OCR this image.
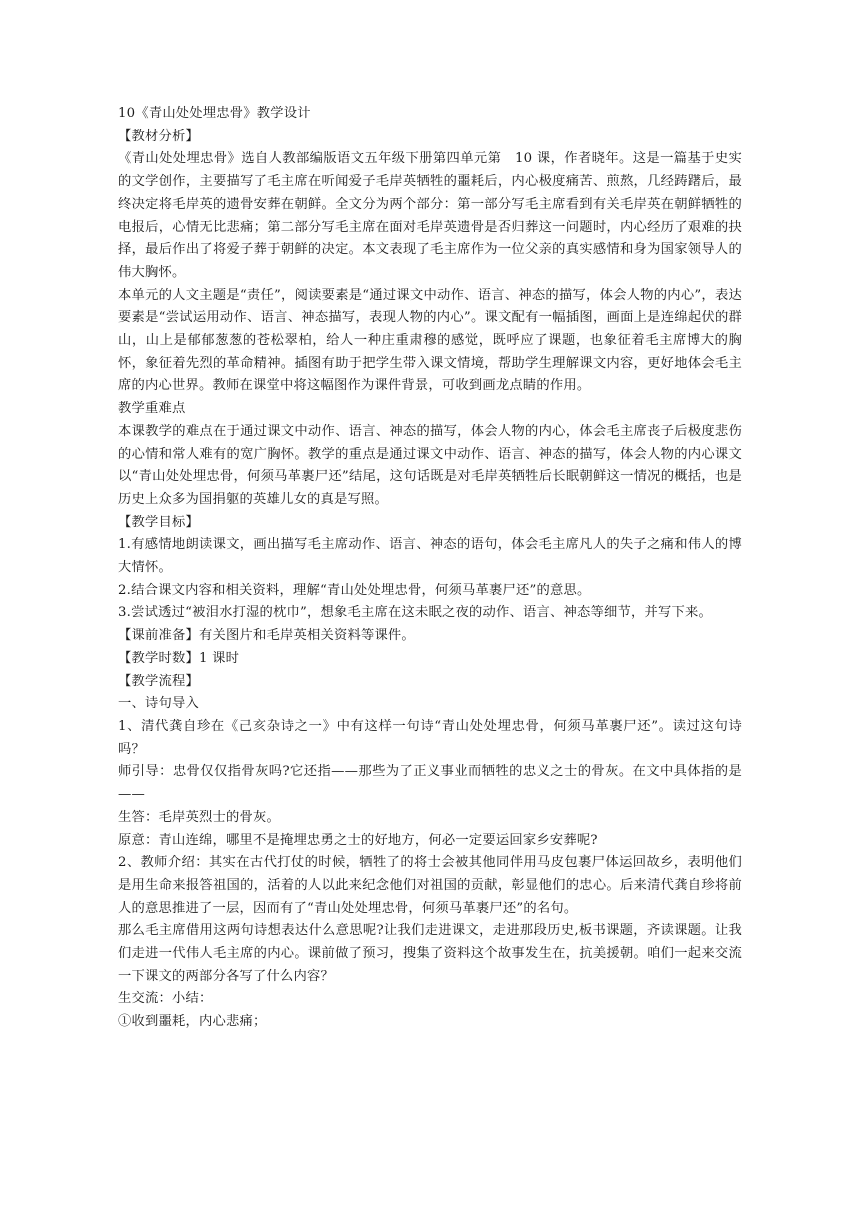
10《青山处处埋忠骨》教学设计

【教材分析】

《青山处处埋忠骨》选自人教部编版语文五年级下册第四单元第　10 课，作者晓年。这是一篇基于史实的文学创作，主要描写了毛主席在听闻爱子毛岸英牺牲的噩耗后，内心极度痛苦、煎熬，几经踌躇后，最终决定将毛岸英的遗骨安葬在朝鲜。全文分为两个部分：第一部分写毛主席看到有关毛岸英在朝鲜牺牲的电报后，心情无比悲痛；第二部分写毛主席在面对毛岸英遗骨是否归葬这一问题时，内心经历了艰难的抉择，最后作出了将爱子葬于朝鲜的决定。本文表现了毛主席作为一位父亲的真实感情和身为国家领导人的伟大胸怀。

本单元的人文主题是“责任”，阅读要素是“通过课文中动作、语言、神态的描写，体会人物的内心”，表达要素是“尝试运用动作、语言、神态描写，表现人物的内心”。课文配有一幅插图，画面上是连绵起伏的群山，山上是郁郁葱葱的苍松翠柏，给人一种庄重肃穆的感觉，既呼应了课题，也象征着毛主席博大的胸怀，象征着先烈的革命精神。插图有助于把学生带入课文情境，帮助学生理解课文内容，更好地体会毛主席的内心世界。教师在课堂中将这幅图作为课件背景，可收到画龙点睛的作用。

教学重难点

本课教学的难点在于通过课文中动作、语言、神态的描写，体会人物的内心，体会毛主席丧子后极度悲伤的心情和常人难有的宽广胸怀。教学的重点是通过课文中动作、语言、神态的描写，体会人物的内心课文以“青山处处埋忠骨，何须马革裹尸还”结尾，这句话既是对毛岸英牺牲后长眠朝鲜这一情况的概括，也是历史上众多为国捐躯的英雄儿女的真是写照。

【教学目标】

1.有感情地朗读课文，画出描写毛主席动作、语言、神态的语句，体会毛主席凡人的失子之痛和伟人的博大情怀。

2.结合课文内容和相关资料，理解“青山处处埋忠骨，何须马革裹尸还”的意思。

3.尝试透过“被泪水打湿的枕巾”，想象毛主席在这未眠之夜的动作、语言、神态等细节，并写下来。

【课前准备】有关图片和毛岸英相关资料等课件。

【教学时数】1 课时

【教学流程】

一、诗句导入

1、清代龚自珍在《己亥杂诗之一》中有这样一句诗“青山处处埋忠骨，何须马革裹尸还”。读过这句诗吗？

师引导：忠骨仅仅指骨灰吗?它还指——那些为了正义事业而牺牲的忠义之士的骨灰。在文中具体指的是——

生答：毛岸英烈士的骨灰。

原意：青山连绵，哪里不是掩埋忠勇之士的好地方，何必一定要运回家乡安葬呢?

2、教师介绍：其实在古代打仗的时候，牺牲了的将士会被其他同伴用马皮包裹尸体运回故乡，表明他们是用生命来报答祖国的，活着的人以此来纪念他们对祖国的贡献，彰显他们的忠心。后来清代龚自珍将前人的意思推进了一层，因而有了“青山处处埋忠骨，何须马革裹尸还”的名句。

那么毛主席借用这两句诗想表达什么意思呢?让我们走进课文，走进那段历史,板书课题，齐读课题。让我们走进一代伟人毛主席的内心。课前做了预习，搜集了资料这个故事发生在，抗美援朝。咱们一起来交流一下课文的两部分各写了什么内容？

生交流：小结：

①收到噩耗，内心悲痛；
